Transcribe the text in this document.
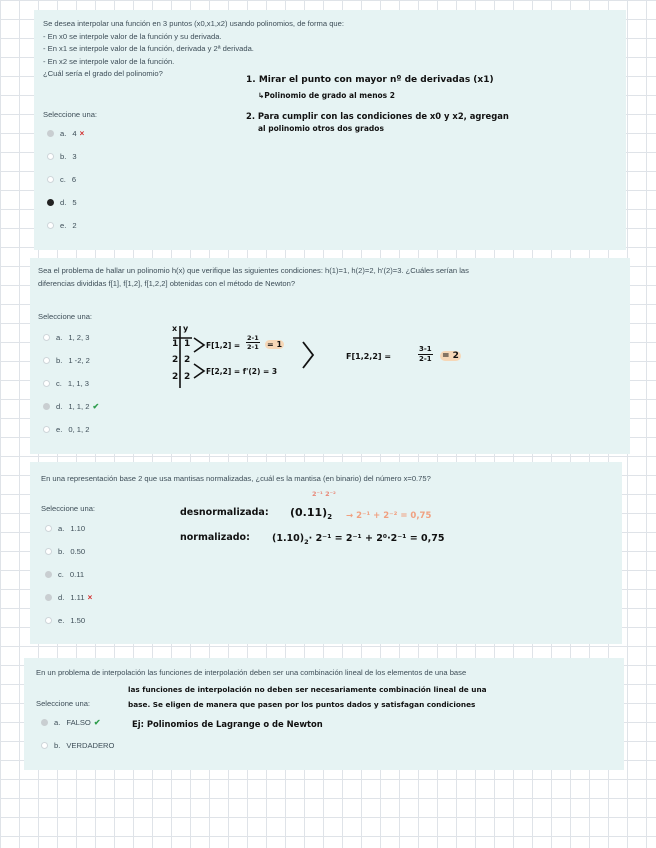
Se desea interpolar una función en 3 puntos (x0,x1,x2) usando polinomios, de forma que:
- En x0 se interpole valor de la función y su derivada.
- En x1 se interpole valor de la función, derivada y 2ª derivada.
- En x2 se interpole valor de la función.
¿Cuál sería el grado del polinomio?
Seleccione una:
a. 4 ×
b. 3
c. 6
d. 5
e. 2
1. Mirar el punto con mayor nº de derivadas (x1)
↳Polinomio de grado al menos 2
2. Para cumplir con las condiciones de x0 y x2, agregan
al polinomio otros dos grados
Sea el problema de hallar un polinomio h(x) que verifique las siguientes condiciones: h(1)=1, h(2)=2, h'(2)=3. ¿Cuáles serían las
diferencias divididas f[1], f[1,2], f[1,2,2] obtenidas con el método de Newton?
Seleccione una:
a. 1, 2, 3
b. 1 -2, 2
c. 1, 1, 3
d. 1, 1, 2 ✔
e. 0, 1, 2
x y
1 1
2 2
2 2
$F[1,2] = \frac{2-1}{2-1} = 1$
F[2,2] = f'(2) = 3
F[1,2,2] =	$\frac{3-1}{2-1} = 2$
En una representación base 2 que usa mantisas normalizadas, ¿cuál es la mantisa (en binario) del número x=0.75?
Seleccione una:
a. 1.10
b. 0.50
c. 0.11
d. 1.11 ×
e. 1.50
desnormalizada: $(0.11)_2$
2⁻¹ 2⁻²
→ 2⁻¹ + 2⁻² = 0,75
normalizado: $(1.10)_2\cdot 2^{-1} = 2^{-1} + 2^0\cdot 2^{-1} = 0,75$
En un problema de interpolación las funciones de interpolación deben ser una combinación lineal de los elementos de una base
Seleccione una:
a. FALSO ✔
b. VERDADERO
las funciones de interpolación no deben ser necesariamente combinación lineal de una
base. Se eligen de manera que pasen por los puntos dados y satisfagan condiciones
Ej: Polinomios de Lagrange o de Newton
